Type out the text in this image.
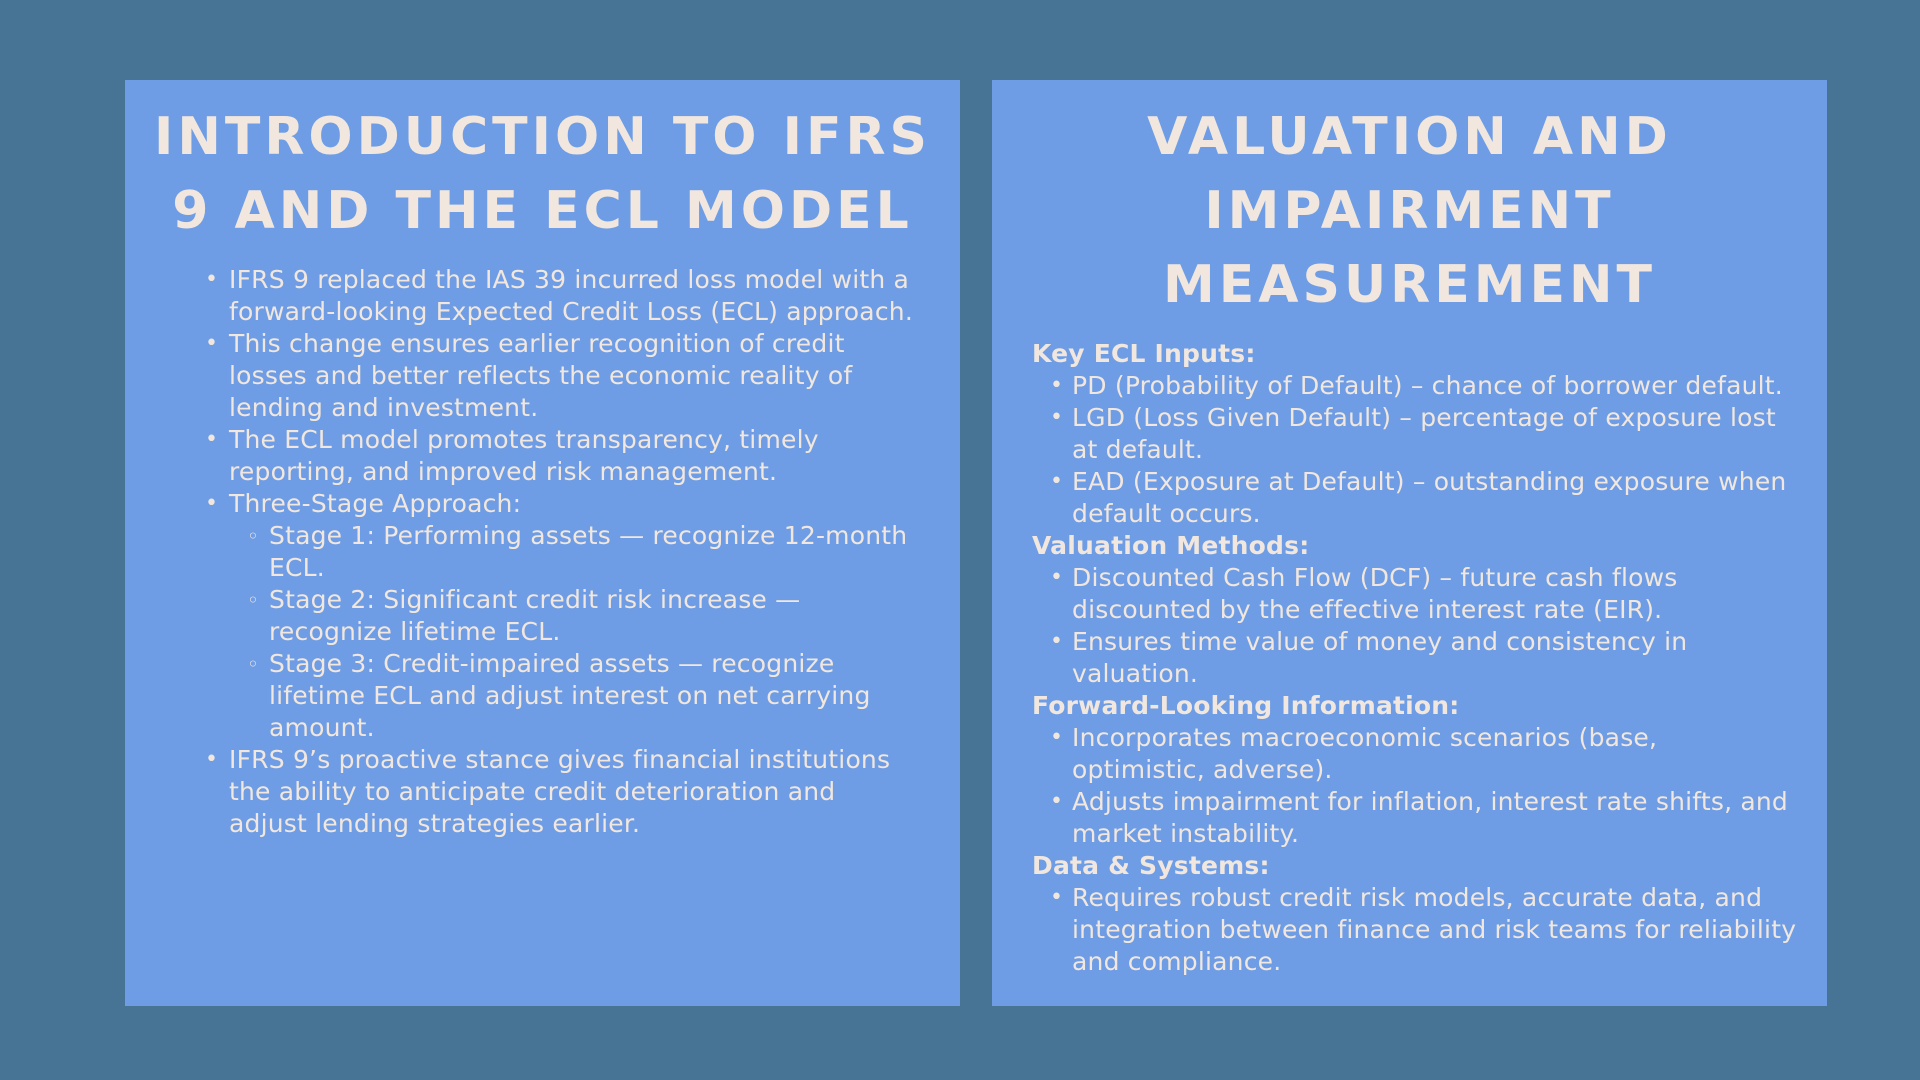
INTRODUCTION TO IFRS 9 AND THE ECL MODEL
• IFRS 9 replaced the IAS 39 incurred loss model with a forward-looking Expected Credit Loss (ECL) approach.
• This change ensures earlier recognition of credit losses and better reflects the economic reality of lending and investment.
• The ECL model promotes transparency, timely reporting, and improved risk management.
• Three-Stage Approach:
◦ Stage 1: Performing assets — recognize 12-month ECL.
◦ Stage 2: Significant credit risk increase — recognize lifetime ECL.
◦ Stage 3: Credit-impaired assets — recognize lifetime ECL and adjust interest on net carrying amount.
• IFRS 9’s proactive stance gives financial institutions the ability to anticipate credit deterioration and adjust lending strategies earlier.
VALUATION AND IMPAIRMENT MEASUREMENT

Key ECL Inputs:

• PD (Probability of Default) – chance of borrower default.
• LGD (Loss Given Default) – percentage of exposure lost at default.
• EAD (Exposure at Default) – outstanding exposure when default occurs.

Valuation Methods:

• Discounted Cash Flow (DCF) – future cash flows discounted by the effective interest rate (EIR).
• Ensures time value of money and consistency in valuation.

Forward-Looking Information:

• Incorporates macroeconomic scenarios (base, optimistic, adverse).
• Adjusts impairment for inflation, interest rate shifts, and market instability.

Data & Systems:

• Requires robust credit risk models, accurate data, and integration between finance and risk teams for reliability and compliance.
